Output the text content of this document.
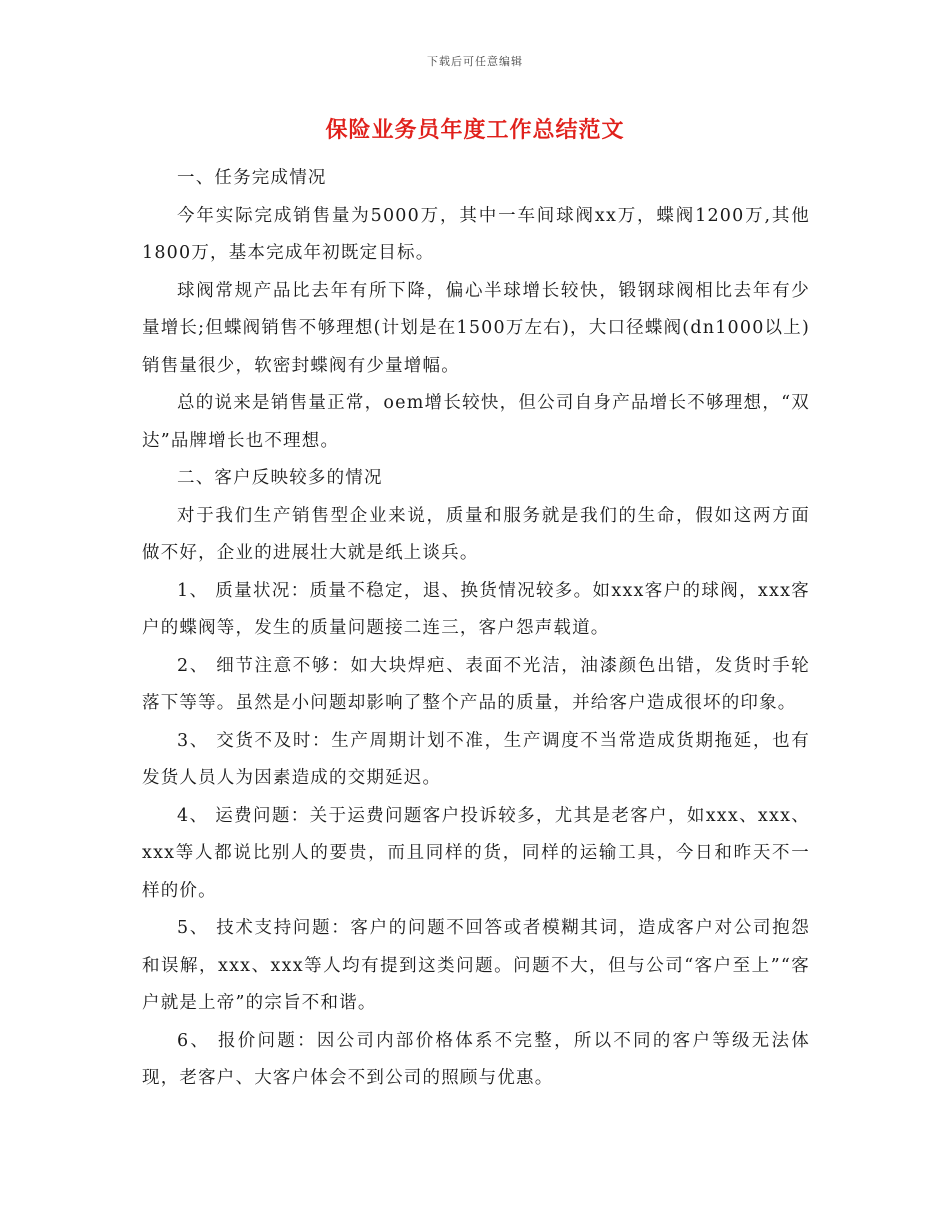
下载后可任意编辑
保险业务员年度工作总结范文

一、任务完成情况

今年实际完成销售量为5000万，其中一车间球阀xx万，蝶阀1200万,其他1800万，基本完成年初既定目标。

球阀常规产品比去年有所下降，偏心半球增长较快，锻钢球阀相比去年有少量增长;但蝶阀销售不够理想(计划是在1500万左右)，大口径蝶阀(dn1000以上)销售量很少，软密封蝶阀有少量增幅。

总的说来是销售量正常，oem增长较快，但公司自身产品增长不够理想，“双达”品牌增长也不理想。

二、客户反映较多的情况

对于我们生产销售型企业来说，质量和服务就是我们的生命，假如这两方面做不好，企业的进展壮大就是纸上谈兵。

1、 质量状况：质量不稳定，退、换货情况较多。如xxx客户的球阀，xxx客户的蝶阀等，发生的质量问题接二连三，客户怨声载道。

2、 细节注意不够：如大块焊疤、表面不光洁，油漆颜色出错，发货时手轮落下等等。虽然是小问题却影响了整个产品的质量，并给客户造成很坏的印象。

3、 交货不及时：生产周期计划不准，生产调度不当常造成货期拖延，也有发货人员人为因素造成的交期延迟。

4、 运费问题：关于运费问题客户投诉较多，尤其是老客户，如xxx、xxx、xxx等人都说比别人的要贵，而且同样的货，同样的运输工具，今日和昨天不一样的价。

5、 技术支持问题：客户的问题不回答或者模糊其词，造成客户对公司抱怨和误解，xxx、xxx等人均有提到这类问题。问题不大，但与公司“客户至上”“客户就是上帝”的宗旨不和谐。

6、 报价问题：因公司内部价格体系不完整，所以不同的客户等级无法体现，老客户、大客户体会不到公司的照顾与优惠。
